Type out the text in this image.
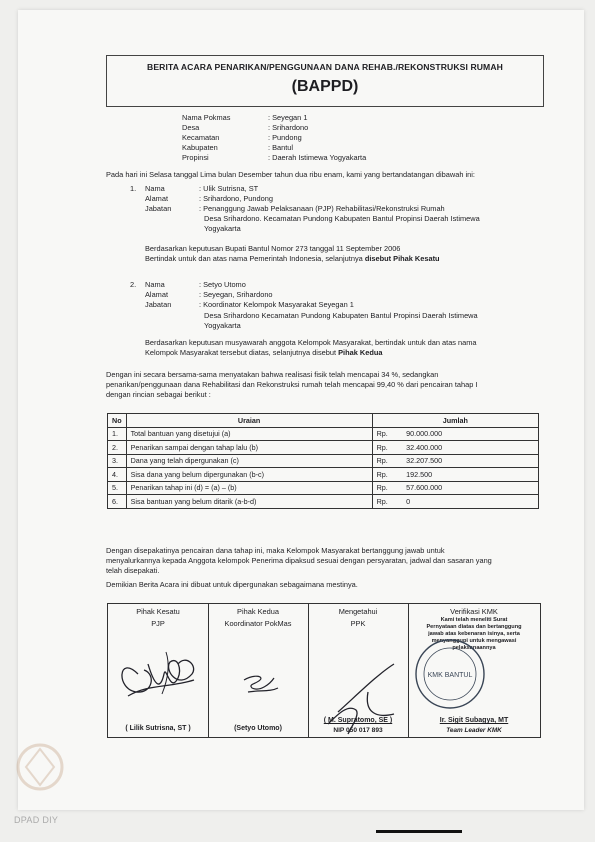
BERITA ACARA PENARIKAN/PENGGUNAAN DANA REHAB./REKONSTRUKSI RUMAH
(BAPPD)
Nama Pokmas	: Seyegan 1
Desa	: Srihardono
Kecamatan	: Pundong
Kabupaten	: Bantul
Propinsi	: Daerah Istimewa Yogyakarta
Pada hari ini Selasa tanggal Lima bulan Desember tahun dua ribu enam, kami yang bertandatangan dibawah ini:
1. Nama	: Ulik Sutrisna, ST
Alamat	: Srihardono, Pundong
Jabatan	: Penanggung Jawab Pelaksanaan (PJP) Rehabilitasi/Rekonstruksi Rumah
Desa Srihardono. Kecamatan Pundong Kabupaten Bantul Propinsi Daerah Istimewa
Yogyakarta
Berdasarkan keputusan Bupati Bantul Nomor 273 tanggal 11 September 2006
Bertindak untuk dan atas nama Pemerintah Indonesia, selanjutnya disebut Pihak Kesatu
2. Nama	: Setyo Utomo
Alamat	: Seyegan, Srihardono
Jabatan	: Koordinator Kelompok Masyarakat Seyegan 1
Desa Srihardono Kecamatan Pundong Kabupaten Bantul Propinsi Daerah Istimewa
Yogyakarta
Berdasarkan keputusan musyawarah anggota Kelompok Masyarakat, bertindak untuk dan atas nama
Kelompok Masyarakat tersebut diatas, selanjutnya disebut Pihak Kedua
Dengan ini secara bersama-sama menyatakan bahwa realisasi fisik telah mencapai 34 %, sedangkan
penarikan/penggunaan dana Rehabilitasi dan Rekonstruksi rumah telah mencapai 99,40 % dari pencairan tahap I
dengan rincian sebagai berikut :
No	Uraian	Jumlah	
1.	Total bantuan yang disetujui (a)	Rp.	90.000.000
2.	Penarikan sampai dengan tahap lalu (b)	Rp.	32.400.000
3.	Dana yang telah dipergunakan (c)	Rp.	32.207.500
4.	Sisa dana yang belum dipergunakan (b-c)	Rp.	192.500
5.	Penarikan tahap ini (d) = (a) – (b)	Rp.	57.600.000
6.	Sisa bantuan yang belum ditarik (a-b-d)	Rp.	0
Dengan disepakatinya pencairan dana tahap ini, maka Kelompok Masyarakat bertanggung jawab untuk
menyalurkannya kepada Anggota kelompok Penerima dipaksud sesuai dengan persyaratan, jadwal dan sasaran yang
telah disepakati.
Demikian Berita Acara ini dibuat untuk dipergunakan sebagaimana mestinya.
Pihak Kesatu
PJP
( Lilik Sutrisna, ST )
Pihak Kedua
Koordinator PokMas
(Setyo Utomo)
Mengetahui
PPK
( M. Supratomo, SE )
NIP 050 017 893
Verifikasi KMK
Kami telah meneliti Surat
Pernyataan diatas dan bertanggung
jawab atas kebenaran isinya, serta
menyanggupi untuk mengawasi
pelaksanaannya
KMK BANTUL
Ir. Sigit Subagya, MT
Team Leader KMK
DPAD DIY
